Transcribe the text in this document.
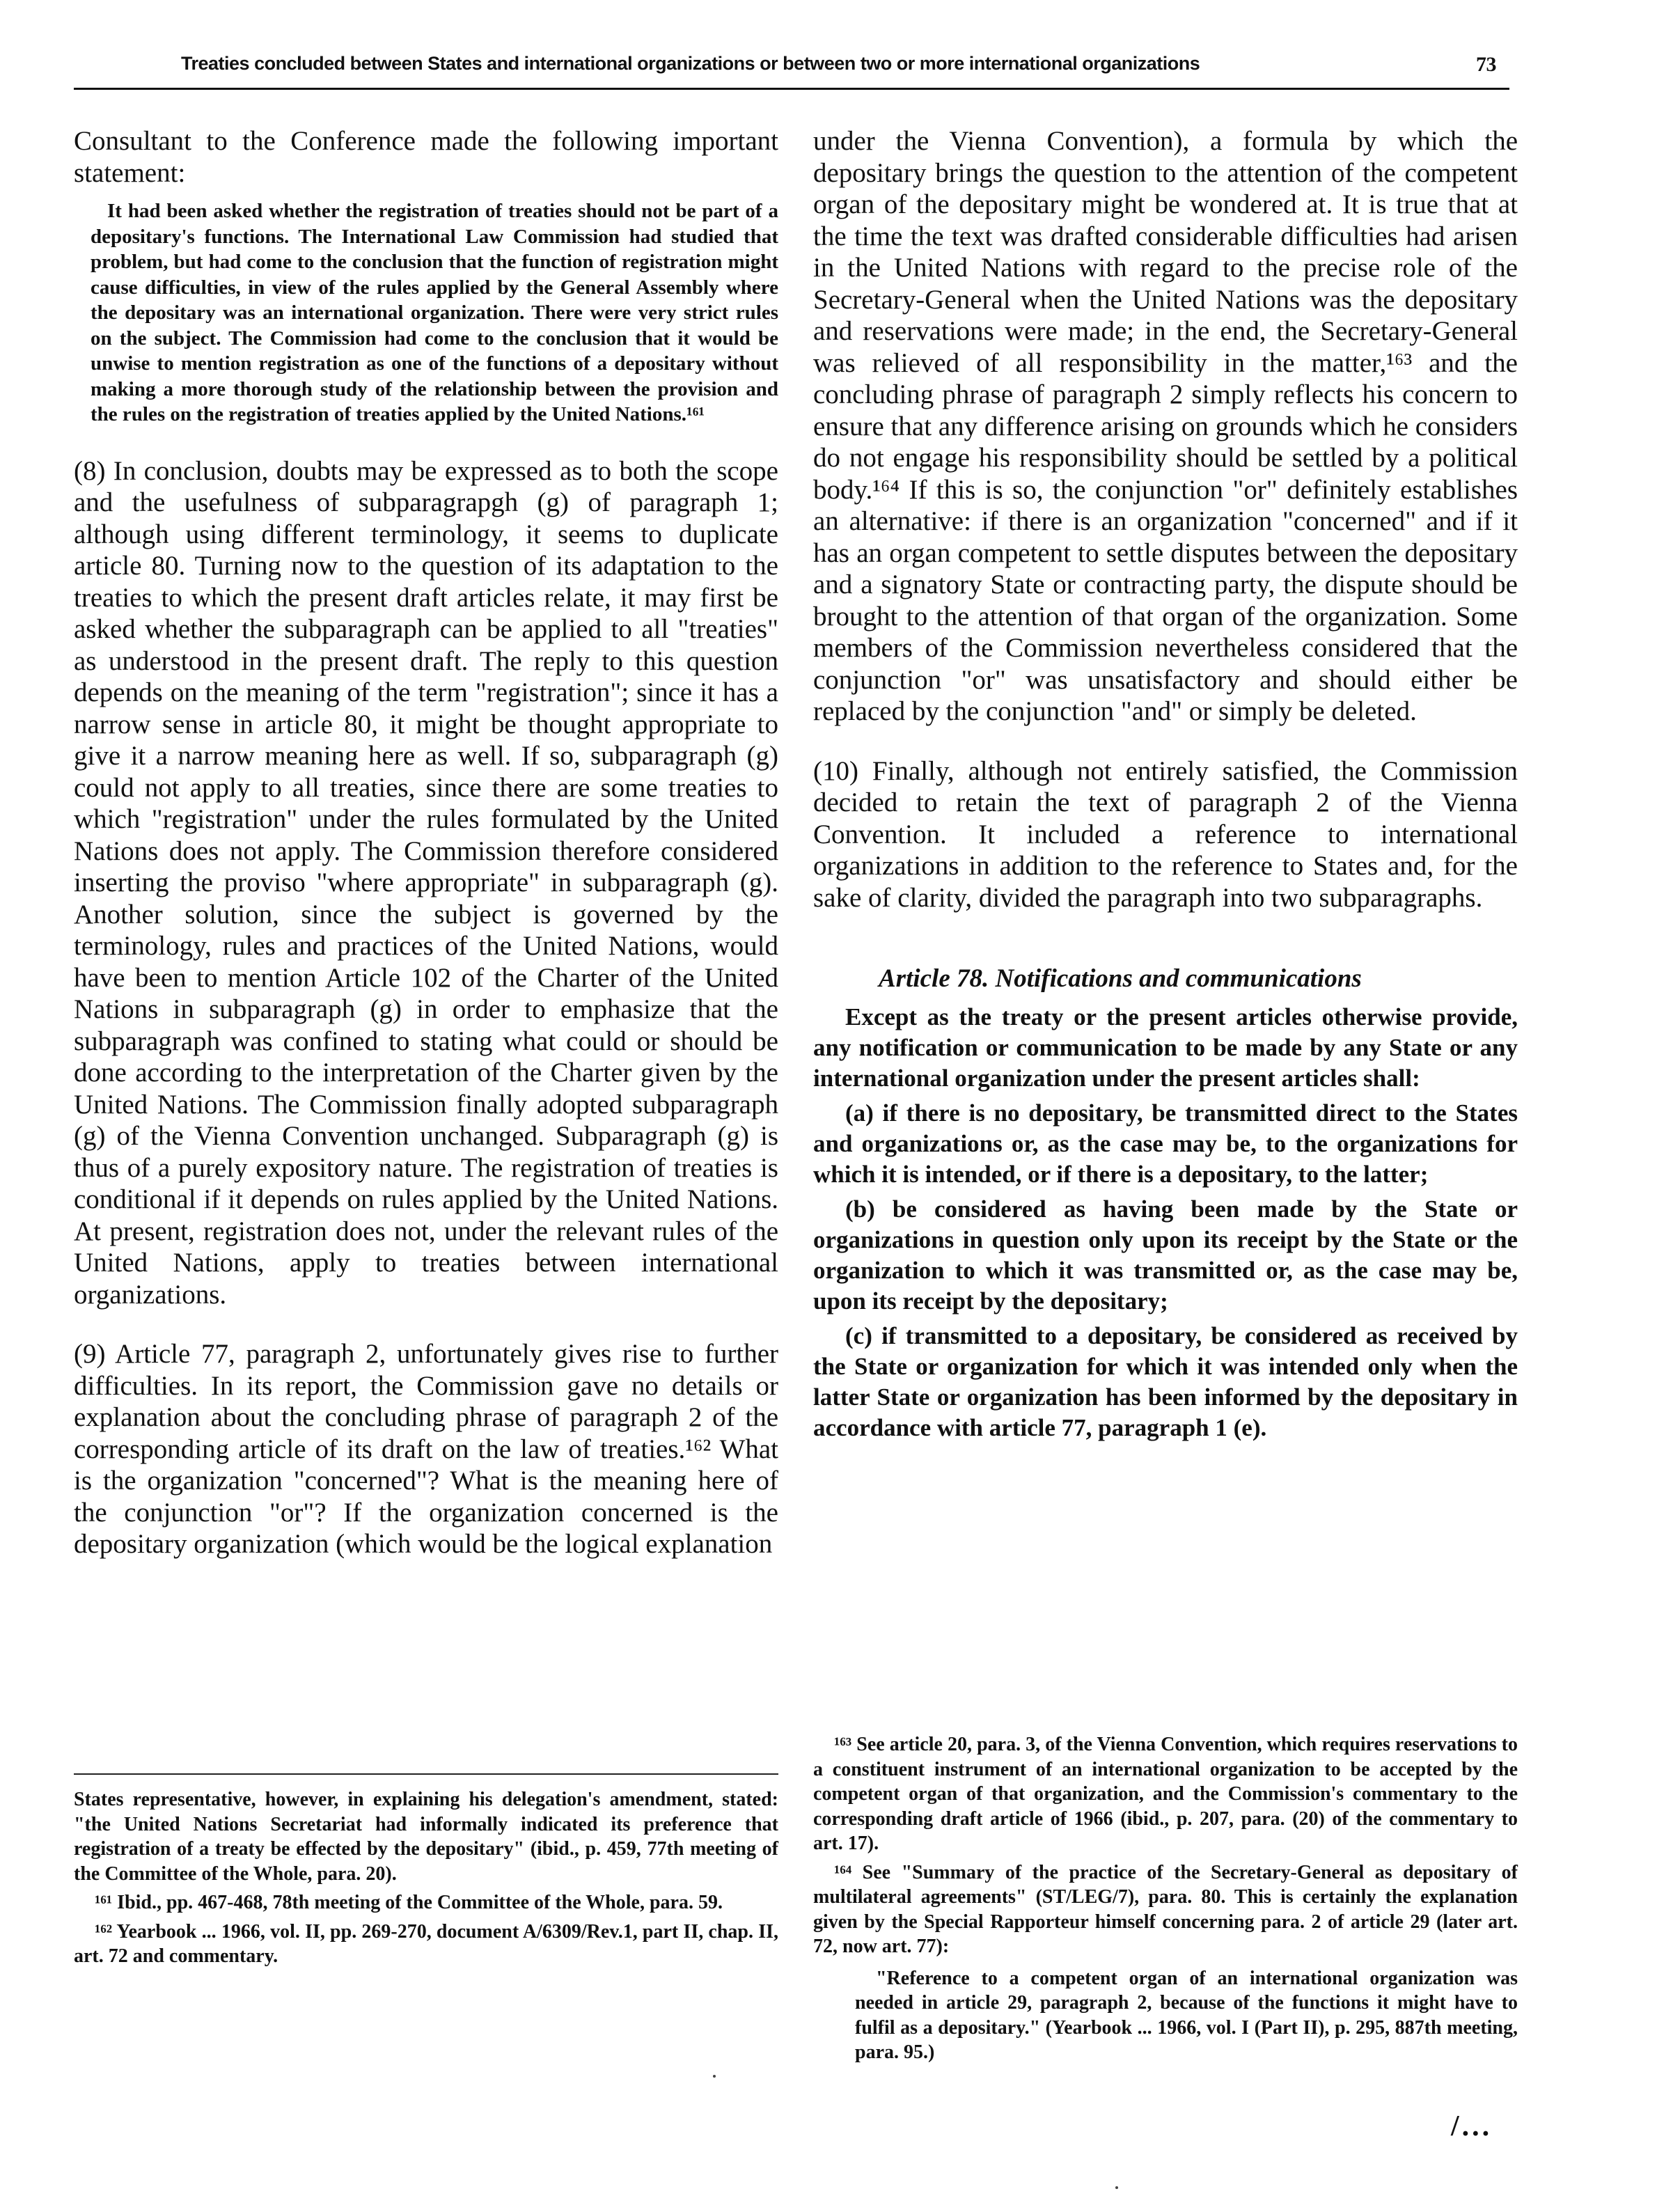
Treaties concluded between States and international organizations or between two or more international organizations	73

Consultant to the Conference made the following important statement:

It had been asked whether the registration of treaties should not be part of a depositary's functions. The International Law Commission had studied that problem, but had come to the conclusion that the function of registration might cause difficulties, in view of the rules applied by the General Assembly where the depositary was an international organization. There were very strict rules on the subject. The Commission had come to the conclusion that it would be unwise to mention registration as one of the functions of a depositary without making a more thorough study of the relationship between the provision and the rules on the registration of treaties applied by the United Nations.¹⁶¹

(8) In conclusion, doubts may be expressed as to both the scope and the usefulness of subparagrapgh (g) of paragraph 1; although using different terminology, it seems to duplicate article 80. Turning now to the question of its adaptation to the treaties to which the present draft articles relate, it may first be asked whether the subparagraph can be applied to all "treaties" as understood in the present draft. The reply to this question depends on the meaning of the term "registration"; since it has a narrow sense in article 80, it might be thought appropriate to give it a narrow meaning here as well. If so, subparagraph (g) could not apply to all treaties, since there are some treaties to which "registration" under the rules formulated by the United Nations does not apply. The Commission therefore considered inserting the proviso "where appropriate" in subparagraph (g). Another solution, since the subject is governed by the terminology, rules and practices of the United Nations, would have been to mention Article 102 of the Charter of the United Nations in subparagraph (g) in order to emphasize that the subparagraph was confined to stating what could or should be done according to the interpretation of the Charter given by the United Nations. The Commission finally adopted subparagraph (g) of the Vienna Convention unchanged. Subparagraph (g) is thus of a purely expository nature. The registration of treaties is conditional if it depends on rules applied by the United Nations. At present, registration does not, under the relevant rules of the United Nations, apply to treaties between international organizations.

(9) Article 77, paragraph 2, unfortunately gives rise to further difficulties. In its report, the Commission gave no details or explanation about the concluding phrase of paragraph 2 of the corresponding article of its draft on the law of treaties.¹⁶² What is the organization "concerned"? What is the meaning here of the conjunction "or"? If the organization concerned is the depositary organization (which would be the logical explanation

under the Vienna Convention), a formula by which the depositary brings the question to the attention of the competent organ of the depositary might be wondered at. It is true that at the time the text was drafted considerable difficulties had arisen in the United Nations with regard to the precise role of the Secretary-General when the United Nations was the depositary and reservations were made; in the end, the Secretary-General was relieved of all responsibility in the matter,¹⁶³ and the concluding phrase of paragraph 2 simply reflects his concern to ensure that any difference arising on grounds which he considers do not engage his responsibility should be settled by a political body.¹⁶⁴ If this is so, the conjunction "or" definitely establishes an alternative: if there is an organization "concerned" and if it has an organ competent to settle disputes between the depositary and a signatory State or contracting party, the dispute should be brought to the attention of that organ of the organization. Some members of the Commission nevertheless considered that the conjunction "or" was unsatisfactory and should either be replaced by the conjunction "and" or simply be deleted.

(10) Finally, although not entirely satisfied, the Commission decided to retain the text of paragraph 2 of the Vienna Convention. It included a reference to international organizations in addition to the reference to States and, for the sake of clarity, divided the paragraph into two subparagraphs.

Article 78. Notifications and communications

Except as the treaty or the present articles otherwise provide, any notification or communication to be made by any State or any international organization under the present articles shall:

(a) if there is no depositary, be transmitted direct to the States and organizations or, as the case may be, to the organizations for which it is intended, or if there is a depositary, to the latter;

(b) be considered as having been made by the State or organizations in question only upon its receipt by the State or the organization to which it was transmitted or, as the case may be, upon its receipt by the depositary;

(c) if transmitted to a depositary, be considered as received by the State or organization for which it was intended only when the latter State or organization has been informed by the depositary in accordance with article 77, paragraph 1 (e).

States representative, however, in explaining his delegation's amendment, stated: "the United Nations Secretariat had informally indicated its preference that registration of a treaty be effected by the depositary" (ibid., p. 459, 77th meeting of the Committee of the Whole, para. 20).

¹⁶¹ Ibid., pp. 467-468, 78th meeting of the Committee of the Whole, para. 59.

¹⁶² Yearbook ... 1966, vol. II, pp. 269-270, document A/6309/Rev.1, part II, chap. II, art. 72 and commentary.

¹⁶³ See article 20, para. 3, of the Vienna Convention, which requires reservations to a constituent instrument of an international organization to be accepted by the competent organ of that organization, and the Commission's commentary to the corresponding draft article of 1966 (ibid., p. 207, para. (20) of the commentary to art. 17).

¹⁶⁴ See "Summary of the practice of the Secretary-General as depositary of multilateral agreements" (ST/LEG/7), para. 80. This is certainly the explanation given by the Special Rapporteur himself concerning para. 2 of article 29 (later art. 72, now art. 77):

"Reference to a competent organ of an international organization was needed in article 29, paragraph 2, because of the functions it might have to fulfil as a depositary." (Yearbook ... 1966, vol. I (Part II), p. 295, 887th meeting, para. 95.)

/...
